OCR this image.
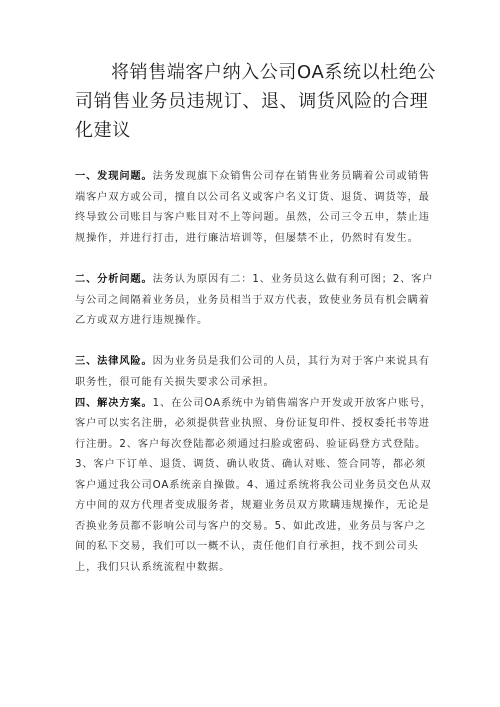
将销售端客户纳入公司OA系统以杜绝公司销售业务员违规订、退、调货风险的合理化建议

一、发现问题。法务发现旗下众销售公司存在销售业务员瞒着公司或销售端客户双方或公司，擅自以公司名义或客户名义订货、退货、调货等，最终导致公司账目与客户账目对不上等问题。虽然，公司三令五申，禁止违规操作，并进行打击，进行廉洁培训等，但屡禁不止，仍然时有发生。

二、分析问题。法务认为原因有二：1、业务员这么做有利可图；2、客户与公司之间隔着业务员，业务员相当于双方代表，致使业务员有机会瞒着乙方或双方进行违规操作。

三、法律风险。因为业务员是我们公司的人员，其行为对于客户来说具有职务性，很可能有关损失要求公司承担。

四、解决方案。1、在公司OA系统中为销售端客户开发或开放客户账号，客户可以实名注册，必须提供营业执照、身份证复印件、授权委托书等进行注册。2、客户每次登陆都必须通过扫脸或密码、验证码登方式登陆。3、客户下订单、退货、调货、确认收货、确认对账、签合同等，都必须客户通过我公司OA系统亲自操做。4、通过系统将我公司业务员交色从双方中间的双方代理者变成服务者，规避业务员双方欺瞒违规操作，无论是否换业务员都不影响公司与客户的交易。5、如此改进，业务员与客户之间的私下交易，我们可以一概不认，责任他们自行承担，找不到公司头上，我们只认系统流程中数据。
